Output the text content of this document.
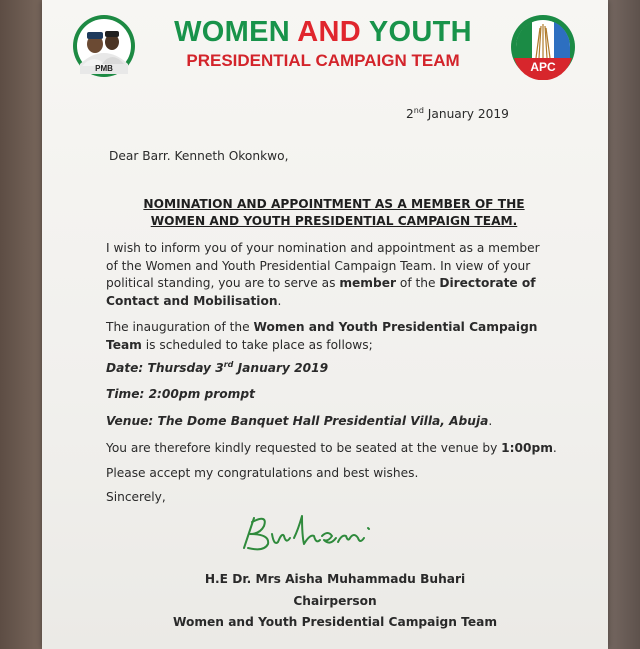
PMB
WOMEN AND YOUTH
PRESIDENTIAL CAMPAIGN TEAM	APC
2nd January 2019
Dear Barr. Kenneth Okonkwo,
NOMINATION AND APPOINTMENT AS A MEMBER OF THE
WOMEN AND YOUTH PRESIDENTIAL CAMPAIGN TEAM.
I wish to inform you of your nomination and appointment as a member of the Women and Youth Presidential Campaign Team. In view of your political standing, you are to serve as member of the Directorate of Contact and Mobilisation.
The inauguration of the Women and Youth Presidential Campaign Team is scheduled to take place as follows;
Date: Thursday 3rd January 2019
Time: 2:00pm prompt
Venue: The Dome Banquet Hall Presidential Villa, Abuja.
You are therefore kindly requested to be seated at the venue by 1:00pm.
Please accept my congratulations and best wishes.
Sincerely,
H.E Dr. Mrs Aisha Muhammadu Buhari
Chairperson
Women and Youth Presidential Campaign Team
